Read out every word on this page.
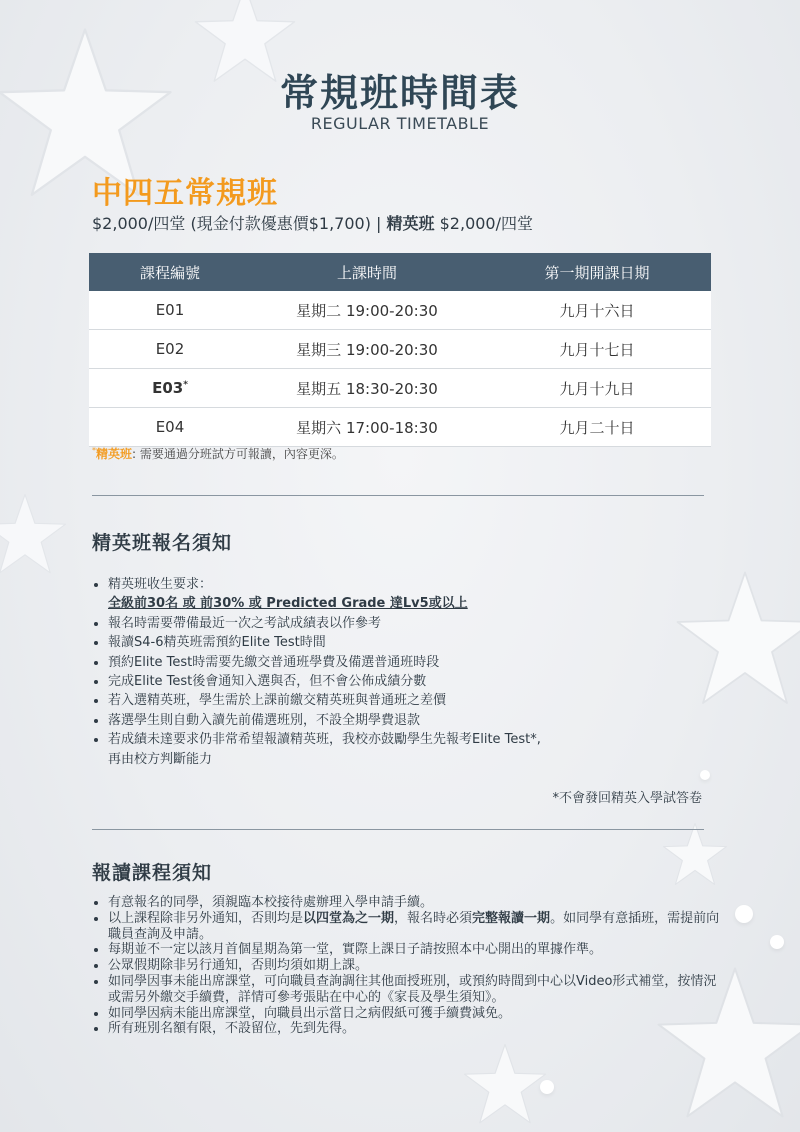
常規班時間表
REGULAR TIMETABLE
中四五常規班
$2,000/四堂 (現金付款優惠價$1,700) | 精英班 $2,000/四堂
課程編號	上課時間	第一期開課日期
E01	星期二 19:00-20:30	九月十六日
E02	星期三 19:00-20:30	九月十七日
E03*	星期五 18:30-20:30	九月十九日
E04	星期六 17:00-18:30	九月二十日
*精英班: 需要通過分班試方可報讀，內容更深。
精英班報名須知
• 精英班收生要求：
全級前30名 或 前30% 或 Predicted Grade 達Lv5或以上
• 報名時需要帶備最近一次之考試成績表以作參考
• 報讀S4-6精英班需預約Elite Test時間
• 預約Elite Test時需要先繳交普通班學費及備選普通班時段
• 完成Elite Test後會通知入選與否，但不會公佈成績分數
• 若入選精英班，學生需於上課前繳交精英班與普通班之差價
• 落選學生則自動入讀先前備選班別，不設全期學費退款
• 若成績未達要求仍非常希望報讀精英班，我校亦鼓勵學生先報考Elite Test*,
再由校方判斷能力
*不會發回精英入學試答卷
報讀課程須知
• 有意報名的同學，須親臨本校接待處辦理入學申請手續。
• 以上課程除非另外通知，否則均是以四堂為之一期，報名時必須完整報讀一期。如同學有意插班，需提前向職員查詢及申請。
• 每期並不一定以該月首個星期為第一堂，實際上課日子請按照本中心開出的單據作準。
• 公眾假期除非另行通知，否則均須如期上課。
• 如同學因事未能出席課堂，可向職員查詢調往其他面授班別，或預約時間到中心以Video形式補堂，按情況或需另外繳交手續費，詳情可參考張貼在中心的《家長及學生須知》。
• 如同學因病未能出席課堂，向職員出示當日之病假紙可獲手續費減免。
• 所有班別名額有限，不設留位，先到先得。
